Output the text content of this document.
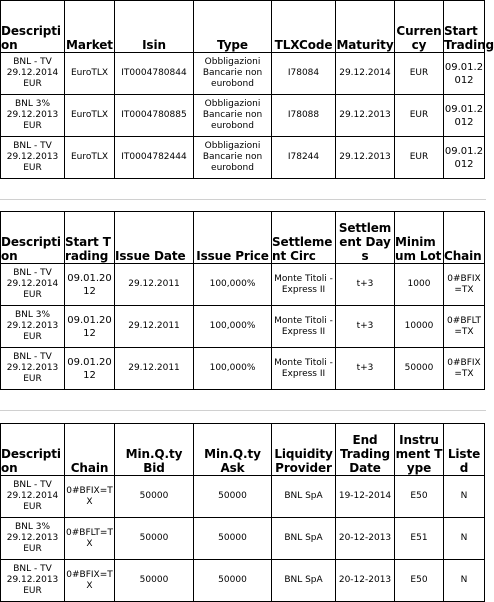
Description	Market	Isin	Type	TLXCode	Maturity	Currency	Start Trading
BNL - TV 29.12.2014 EUR	EuroTLX	IT0004780844	Obbligazioni Bancarie non eurobond	I78084	29.12.2014	EUR	09.01.2012
BNL 3% 29.12.2013 EUR	EuroTLX	IT0004780885	Obbligazioni Bancarie non eurobond	I78088	29.12.2013	EUR	09.01.2012
BNL - TV 29.12.2013 EUR	EuroTLX	IT0004782444	Obbligazioni Bancarie non eurobond	I78244	29.12.2013	EUR	09.01.2012
Description	Start Trading	Issue Date	Issue Price	Settlement Circ	Settlement Days	Minimum Lot	Chain
BNL - TV 29.12.2014 EUR	09.01.2012	29.12.2011	100,000%	Monte Titoli - Express II	t+3	1000	0#BFIX=TX
BNL 3% 29.12.2013 EUR	09.01.2012	29.12.2011	100,000%	Monte Titoli - Express II	t+3	10000	0#BFLT=TX
BNL - TV 29.12.2013 EUR	09.01.2012	29.12.2011	100,000%	Monte Titoli - Express II	t+3	50000	0#BFIX=TX
Description	Chain	Min.Q.ty Bid	Min.Q.ty Ask	Liquidity Provider	End Trading Date	Instrument Type	Listed
BNL - TV 29.12.2014 EUR	0#BFIX=TX	50000	50000	BNL SpA	19-12-2014	E50	N
BNL 3% 29.12.2013 EUR	0#BFLT=TX	50000	50000	BNL SpA	20-12-2013	E51	N
BNL - TV 29.12.2013 EUR	0#BFIX=TX	50000	50000	BNL SpA	20-12-2013	E50	N
